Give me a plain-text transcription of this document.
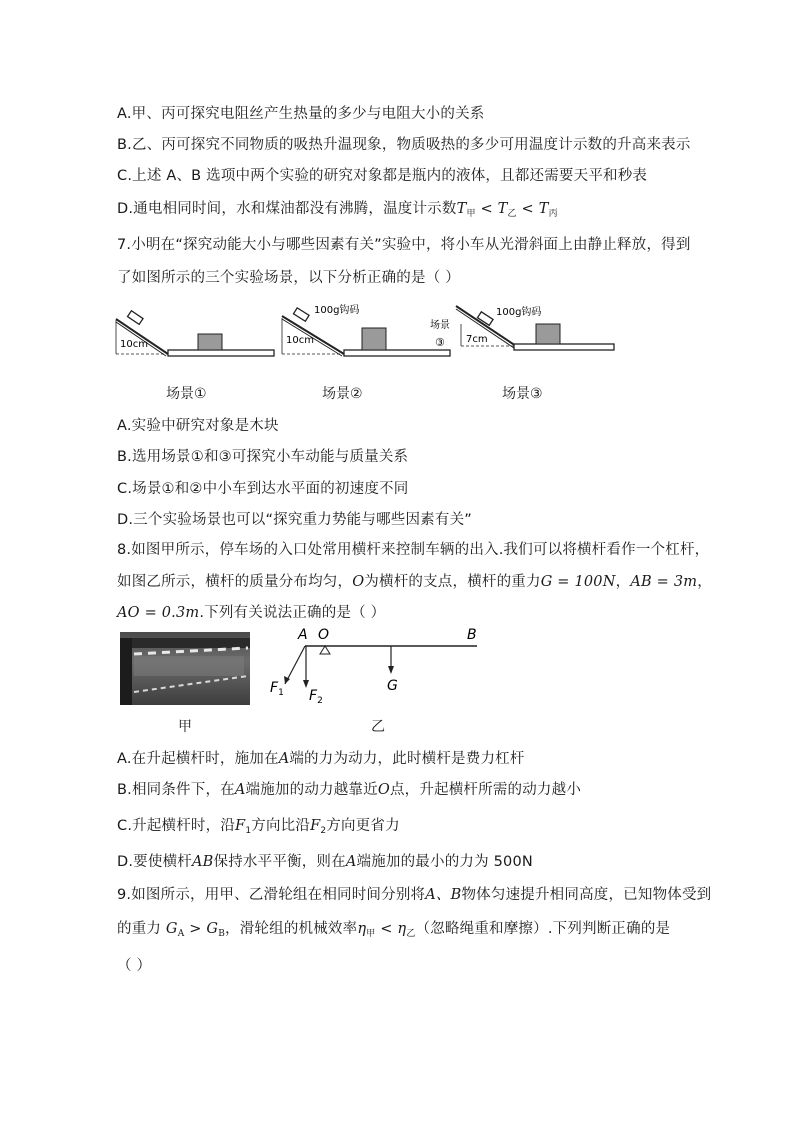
A.甲、丙可探究电阻丝产生热量的多少与电阻大小的关系
B.乙、丙可探究不同物质的吸热升温现象，物质吸热的多少可用温度计示数的升高来表示
C.上述 A、B 选项中两个实验的研究对象都是瓶内的液体，且都还需要天平和秒表
D.通电相同时间，水和煤油都没有沸腾，温度计示数$T_甲 < T_乙 < T_丙$
7.小明在“探究动能大小与哪些因素有关”实验中，将小车从光滑斜面上由静止释放，得到
了如图所示的三个实验场景，以下分析正确的是（ ）
10cm
100g钩码
10cm
100g钩码
7cm
场景
③
场景①	场景②	场景③
A.实验中研究对象是木块
B.选用场景①和③可探究小车动能与质量关系
C.场景①和②中小车到达水平面的初速度不同
D.三个实验场景也可以“探究重力势能与哪些因素有关”
8.如图甲所示，停车场的入口处常用横杆来控制车辆的出入.我们可以将横杆看作一个杠杆，
如图乙所示，横杆的质量分布均匀，O为横杆的支点，横杆的重力G = 100N，AB = 3m，
AO = 0.3m.下列有关说法正确的是（ ）
A O	B
G
$F_1$ $F_2$
甲	乙
A.在升起横杆时，施加在A端的力为动力，此时横杆是费力杠杆
B.相同条件下，在A端施加的动力越靠近O点，升起横杆所需的动力越小
C.升起横杆时，沿$F_1$方向比沿$F_2$方向更省力
D.要使横杆AB保持水平平衡，则在A端施加的最小的力为 500N
9.如图所示，用甲、乙滑轮组在相同时间分别将A、B物体匀速提升相同高度，已知物体受到
的重力 $G_A > G_B$，滑轮组的机械效率$\eta_甲 < \eta_乙$（忽略绳重和摩擦）.下列判断正确的是
（ ）
